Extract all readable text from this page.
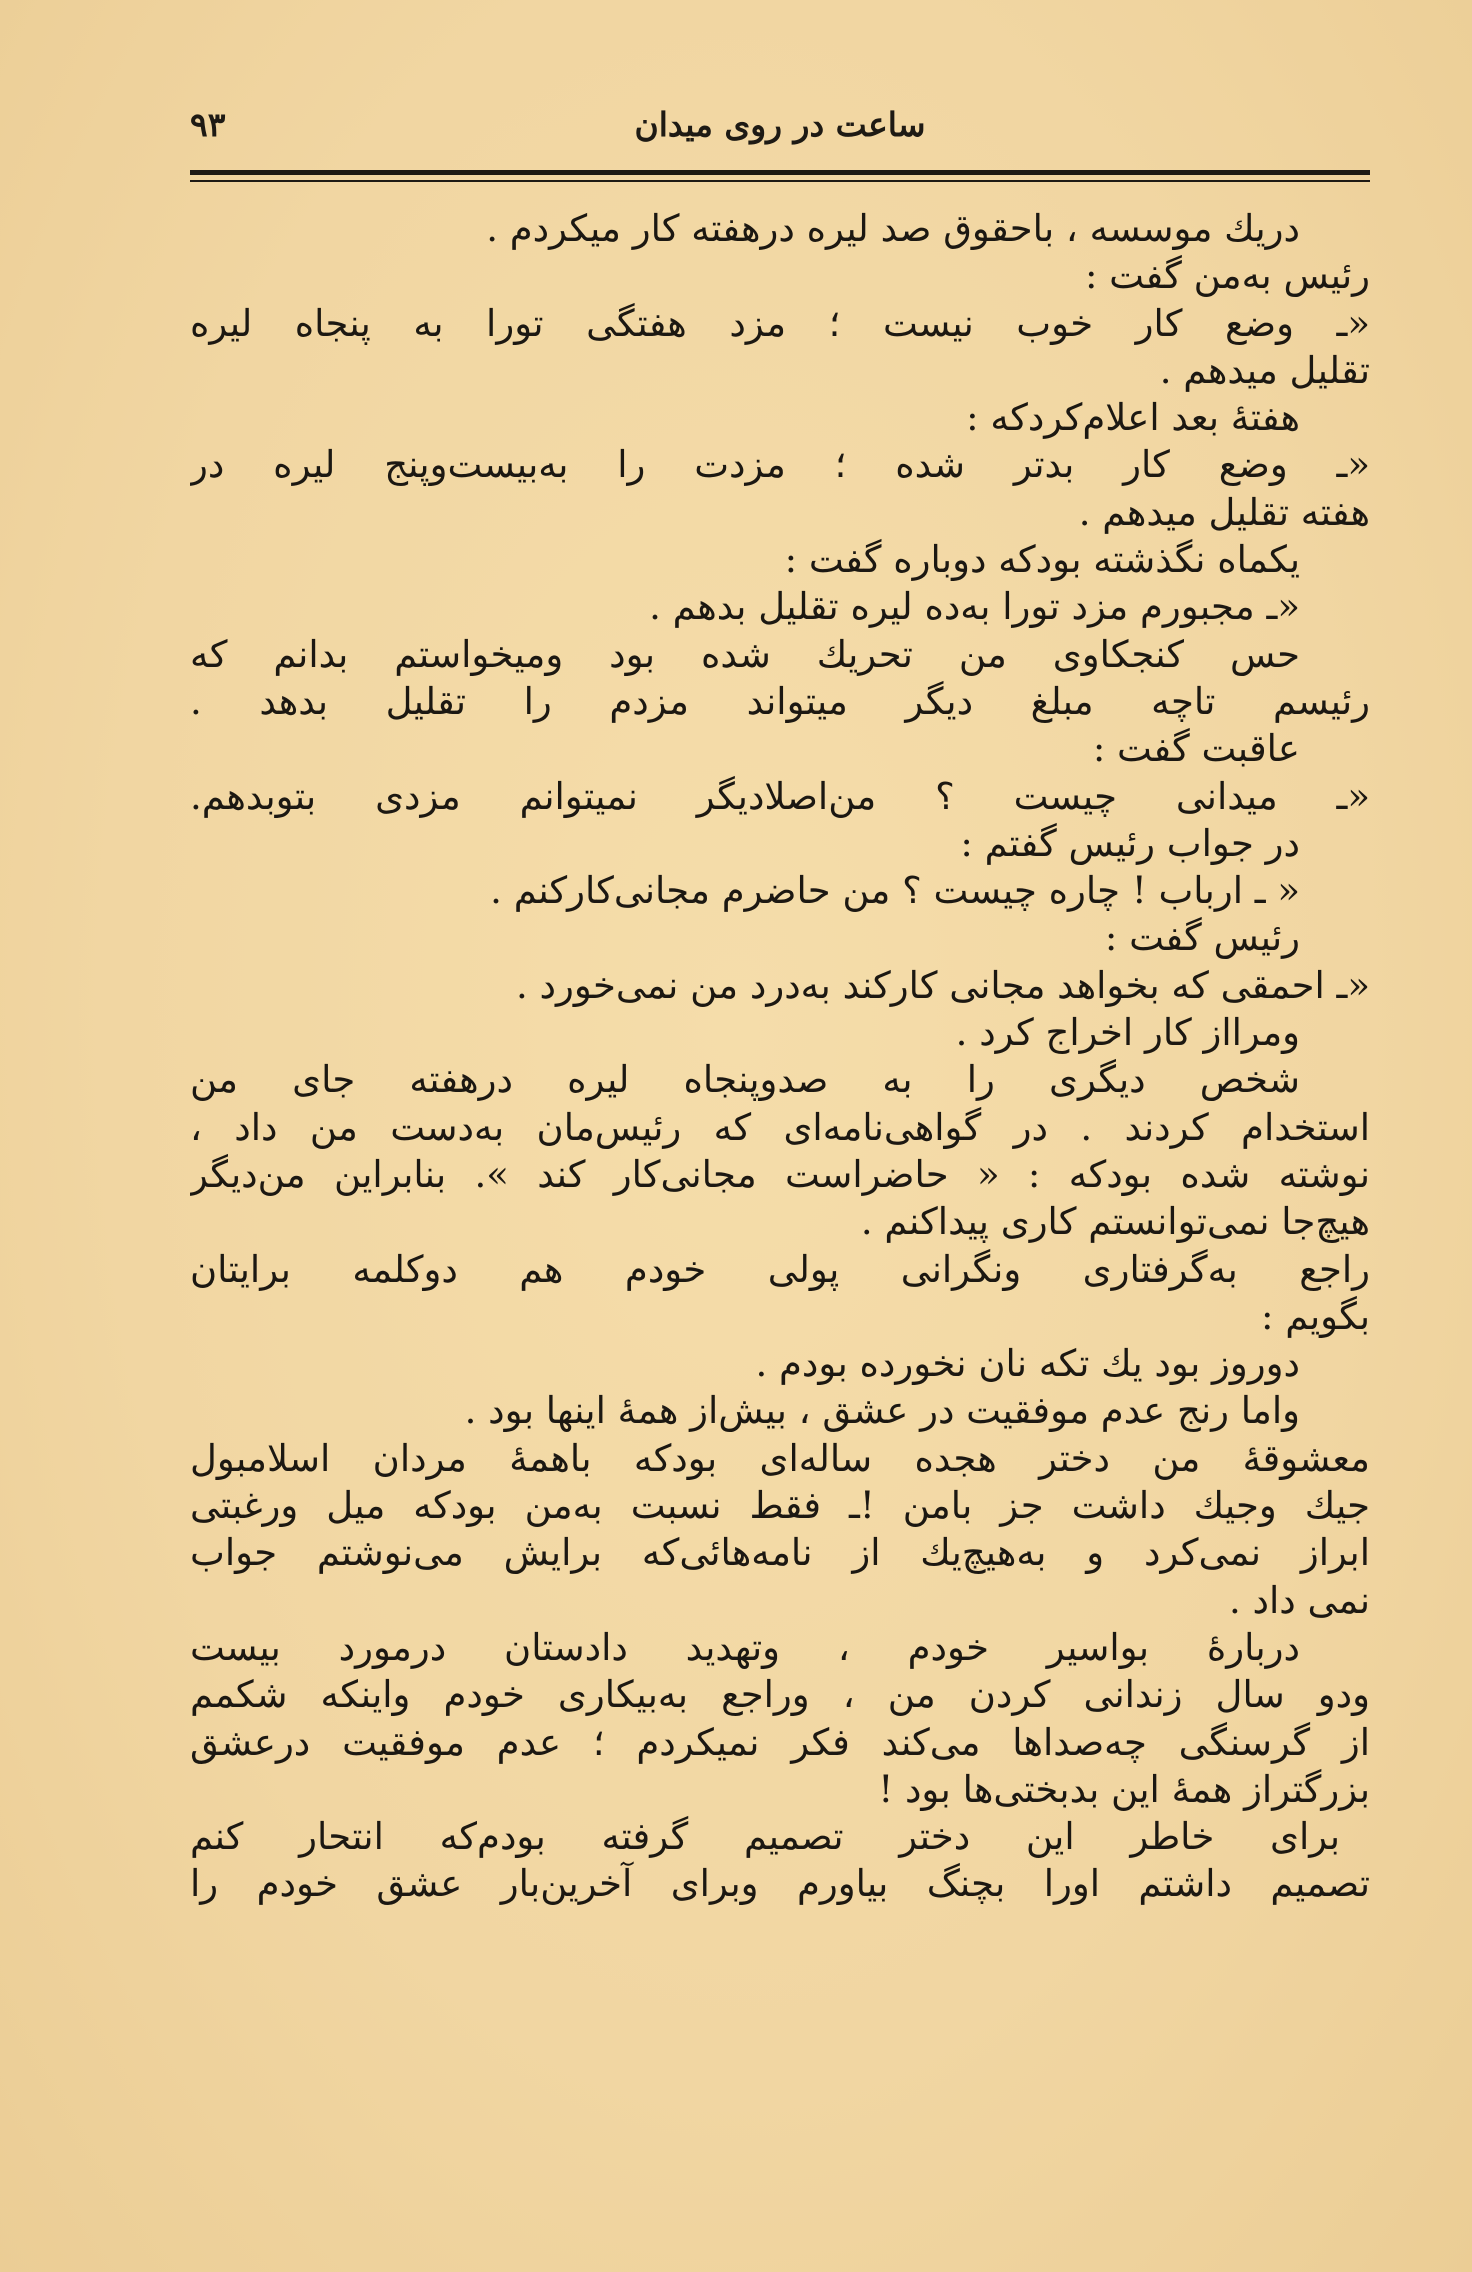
ساعت در روی میدان
۹۳
دریك موسسه ، باحقوق صد لیره درهفته کار میکردم .
رئیس به‌من گفت :
«ـ وضع کار خوب نیست ؛ مزد هفتگی تورا به پنجاه لیره
تقلیل میدهم .
هفتهٔ بعد اعلام‌کردکه :
«ـ وضع کار بدتر شده ؛ مزدت را به‌بیست‌وپنج لیره در
هفته تقلیل میدهم .
یکماه نگذشته بودکه دوباره گفت :
«ـ مجبورم مزد تورا به‌ده لیره تقلیل بدهم .
حس کنجکاوی من تحریك شده بود ومیخواستم بدانم که
رئیسم تاچه مبلغ دیگر میتواند مزدم را تقلیل بدهد .
عاقبت گفت :
«ـ میدانی چیست ؟ من‌اصلادیگر نمیتوانم مزدی بتوبدهم.
در جواب رئیس گفتم :
« ـ ارباب ! چاره چیست ؟ من حاضرم مجانی‌کارکنم .
رئیس گفت :
«ـ احمقی که بخواهد مجانی کارکند به‌درد من نمی‌خورد .
ومرااز کار اخراج کرد .
شخص دیگری را به صدوپنجاه لیره درهفته جای من
استخدام کردند . در گواهی‌نامه‌ای که رئیس‌مان به‌دست من داد ،
نوشته شده بودکه : « حاضراست مجانی‌کار کند ». بنابراین من‌دیگر
هیچ‌جا نمی‌توانستم کاری پیداکنم .
راجع به‌گرفتاری ونگرانی پولی خودم هم دوکلمه برایتان
بگویم :
دوروز بود یك تکه نان نخورده بودم .
واما رنج عدم موفقیت در عشق ، بیش‌از همهٔ اینها بود .
معشوقهٔ من دختر هجده ساله‌ای بودکه باهمهٔ مردان اسلامبول
جیك وجیك داشت جز بامن !ـ فقط نسبت به‌من بودکه میل ورغبتی
ابراز نمی‌کرد و به‌هیچ‌یك از نامه‌هائی‌که برایش می‌نوشتم جواب
نمی داد .
دربارهٔ بواسیر خودم ، وتهدید دادستان درمورد بیست
ودو سال زندانی کردن من ، وراجع به‌بیکاری خودم واینکه شکمم
از گرسنگی چه‌صداها می‌کند فکر نمیکردم ؛ عدم موفقیت درعشق
بزرگتراز همهٔ این بدبختی‌ها بود !
برای خاطر این دختر تصمیم گرفته بودم‌که انتحار کنم
تصمیم داشتم اورا بچنگ بیاورم وبرای آخرین‌بار عشق خودم را
